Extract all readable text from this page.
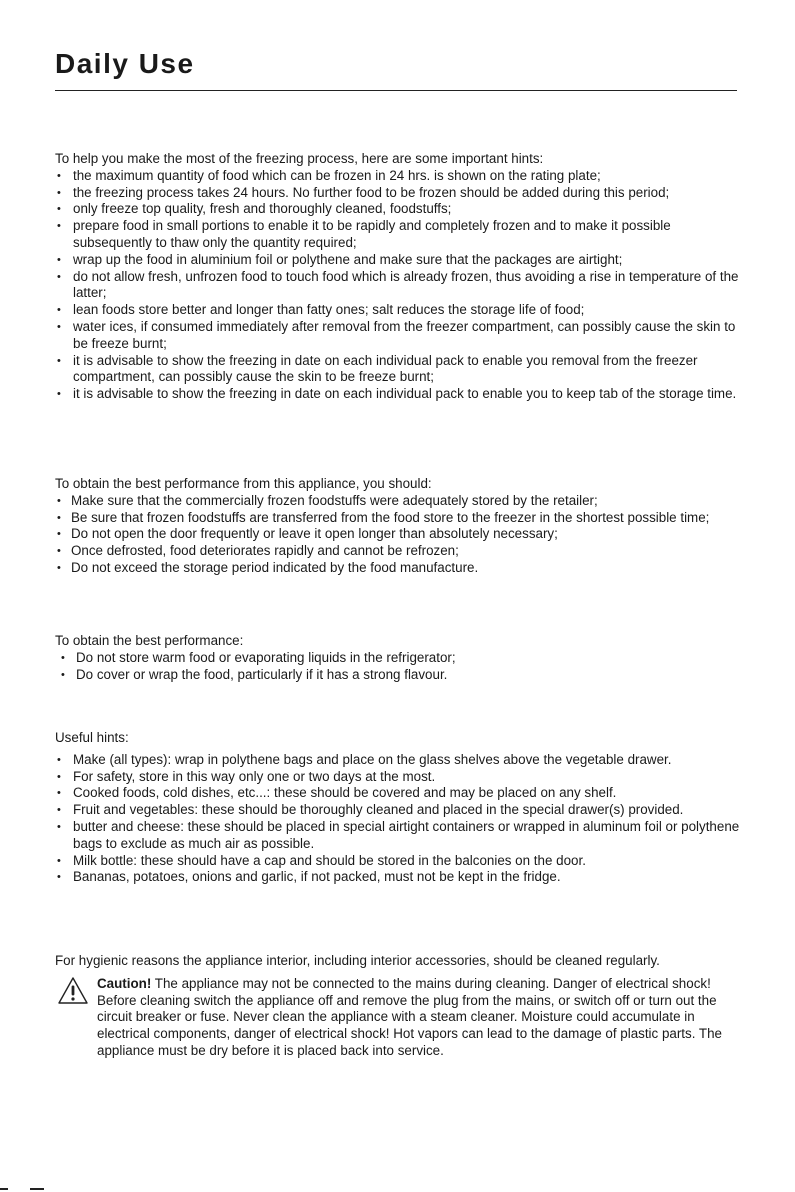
Daily Use

To help you make the most of the freezing process, here are some important hints:

• the maximum quantity of food which can be frozen in 24 hrs. is shown on the rating plate;
• the freezing process takes 24 hours. No further food to be frozen should be added during this period;
• only freeze top quality, fresh and thoroughly cleaned, foodstuffs;
• prepare food in small portions to enable it to be rapidly and completely frozen and to make it possible subsequently to thaw only the quantity required;
• wrap up the food in aluminium foil or polythene and make sure that the packages are airtight;
• do not allow fresh, unfrozen food to touch food which is already frozen, thus avoiding a rise in temperature of the latter;
• lean foods store better and longer than fatty ones; salt reduces the storage life of food;
• water ices, if consumed immediately after removal from the freezer compartment, can possibly cause the skin to be freeze burnt;
• it is advisable to show the freezing in date on each individual pack to enable you removal from the freezer compartment, can possibly cause the skin to be freeze burnt;
• it is advisable to show the freezing in date on each individual pack to enable you to keep tab of the storage time.

To obtain the best performance from this appliance, you should:

• Make sure that the commercially frozen foodstuffs were adequately stored by the retailer;
• Be sure that frozen foodstuffs are transferred from the food store to the freezer in the shortest possible time;
• Do not open the door frequently or leave it open longer than absolutely necessary;
• Once defrosted, food deteriorates rapidly and cannot be refrozen;
• Do not exceed the storage period indicated by the food manufacture.

To obtain the best performance:

• Do not store warm food or evaporating liquids in the refrigerator;
• Do cover or wrap the food, particularly if it has a strong flavour.

Useful hints:

• Make (all types): wrap in polythene bags and place on the glass shelves above the vegetable drawer.
• For safety, store in this way only one or two days at the most.
• Cooked foods, cold dishes, etc...: these should be covered and may be placed on any shelf.
• Fruit and vegetables: these should be thoroughly cleaned and placed in the special drawer(s) provided.
• butter and cheese: these should be placed in special airtight containers or wrapped in aluminum foil or polythene bags to exclude as much air as possible.
• Milk bottle: these should have a cap and should be stored in the balconies on the door.
• Bananas, potatoes, onions and garlic, if not packed, must not be kept in the fridge.

For hygienic reasons the appliance interior, including interior accessories, should be cleaned regularly.

Caution! The appliance may not be connected to the mains during cleaning. Danger of electrical shock! Before cleaning switch the appliance off and remove the plug from the mains, or switch off or turn out the circuit breaker or fuse. Never clean the appliance with a steam cleaner. Moisture could accumulate in electrical components, danger of electrical shock! Hot vapors can lead to the damage of plastic parts. The appliance must be dry before it is placed back into service.
